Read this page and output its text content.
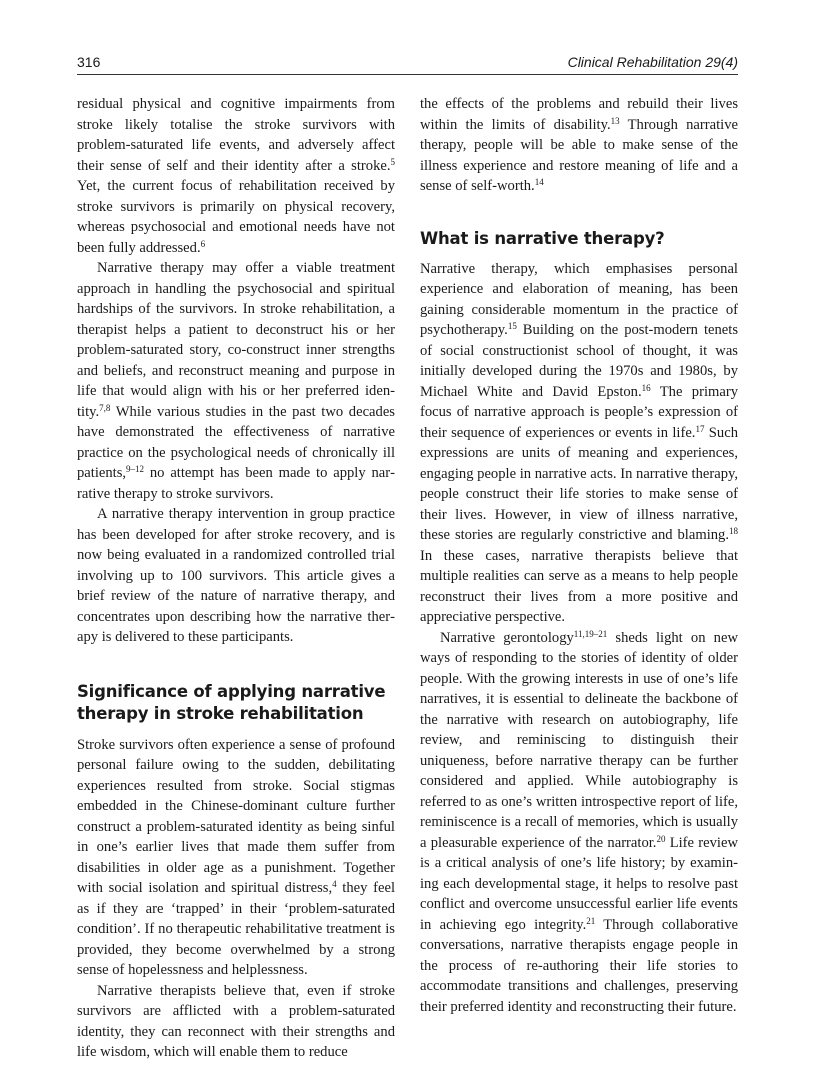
316	Clinical Rehabilitation 29(4)

residual physical and cognitive impairments from stroke likely totalise the stroke survivors with problem-saturated life events, and adversely affect their sense of self and their identity after a stroke.$^5$ Yet, the current focus of rehabilitation received by stroke survivors is primarily on physical recovery, whereas psychosocial and emotional needs have not been fully addressed.$^6$

Narrative therapy may offer a viable treatment approach in handling the psychosocial and spiritual hardships of the survivors. In stroke rehabilitation, a therapist helps a patient to deconstruct his or her problem-saturated story, co-construct inner strengths and beliefs, and reconstruct meaning and purpose in life that would align with his or her preferred identity.$^{7,8}$ While various studies in the past two decades have demonstrated the effectiveness of narrative practice on the psychological needs of chronically ill patients,$^{9-12}$ no attempt has been made to apply narrative therapy to stroke survivors.

A narrative therapy intervention in group practice has been developed for after stroke recovery, and is now being evaluated in a randomized controlled trial involving up to 100 survivors. This article gives a brief review of the nature of narrative therapy, and concentrates upon describing how the narrative therapy is delivered to these participants.

Significance of applying narrative therapy in stroke rehabilitation

Stroke survivors often experience a sense of profound personal failure owing to the sudden, debilitating experiences resulted from stroke. Social stigmas embedded in the Chinese-dominant culture further construct a problem-saturated identity as being sinful in one’s earlier lives that made them suffer from disabilities in older age as a punishment. Together with social isolation and spiritual distress,$^4$ they feel as if they are ‘trapped’ in their ‘problem-saturated condition’. If no therapeutic rehabilitative treatment is provided, they become overwhelmed by a strong sense of hopelessness and helplessness.

Narrative therapists believe that, even if stroke survivors are afflicted with a problem-saturated identity, they can reconnect with their strengths and life wisdom, which will enable them to reduce

the effects of the problems and rebuild their lives within the limits of disability.$^{13}$ Through narrative therapy, people will be able to make sense of the illness experience and restore meaning of life and a sense of self-worth.$^{14}$

What is narrative therapy?

Narrative therapy, which emphasises personal experience and elaboration of meaning, has been gaining considerable momentum in the practice of psychotherapy.$^{15}$ Building on the post-modern tenets of social constructionist school of thought, it was initially developed during the 1970s and 1980s, by Michael White and David Epston.$^{16}$ The primary focus of narrative approach is people’s expression of their sequence of experiences or events in life.$^{17}$ Such expressions are units of meaning and experiences, engaging people in narrative acts. In narrative therapy, people construct their life stories to make sense of their lives. However, in view of illness narrative, these stories are regularly constrictive and blaming.$^{18}$ In these cases, narrative therapists believe that multiple realities can serve as a means to help people reconstruct their lives from a more positive and appreciative perspective.

Narrative gerontology$^{11,19-21}$ sheds light on new ways of responding to the stories of identity of older people. With the growing interests in use of one’s life narratives, it is essential to delineate the backbone of the narrative with research on autobiography, life review, and reminiscing to distinguish their uniqueness, before narrative therapy can be further considered and applied. While autobiography is referred to as one’s written introspective report of life, reminiscence is a recall of memories, which is usually a pleasurable experience of the narrator.$^{20}$ Life review is a critical analysis of one’s life history; by examining each developmental stage, it helps to resolve past conflict and overcome unsuccessful earlier life events in achieving ego integrity.$^{21}$ Through collaborative conversations, narrative therapists engage people in the process of re-authoring their life stories to accommodate transitions and challenges, preserving their preferred identity and reconstructing their future.
